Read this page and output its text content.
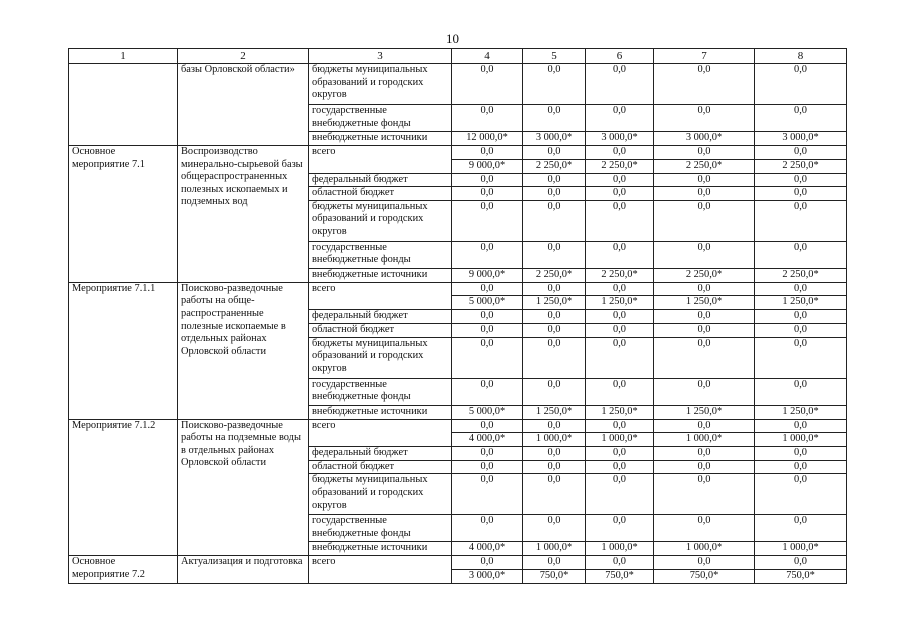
10
1	2	3	4	5	6	7	8
	базы Орловской области»	бюджеты муниципальных образований и городских округов	0,0	0,0	0,0	0,0	0,0
		государственные внебюджетные фонды	0,0	0,0	0,0	0,0	0,0
		внебюджетные источники	12 000,0*	3 000,0*	3 000,0*	3 000,0*	3 000,0*
Основное мероприятие 7.1	Воспроизводство минерально-сырьевой базы общераспространенных полезных ископаемых и подземных вод	всего	0,0	0,0	0,0	0,0	0,0
			9 000,0*	2 250,0*	2 250,0*	2 250,0*	2 250,0*
		федеральный бюджет	0,0	0,0	0,0	0,0	0,0
		областной бюджет	0,0	0,0	0,0	0,0	0,0
		бюджеты муниципальных образований и городских округов	0,0	0,0	0,0	0,0	0,0
		государственные внебюджетные фонды	0,0	0,0	0,0	0,0	0,0
		внебюджетные источники	9 000,0*	2 250,0*	2 250,0*	2 250,0*	2 250,0*
Мероприятие 7.1.1	Поисково-разведочные работы на обще-распространенные полезные ископаемые в отдельных районах Орловской области	всего	0,0	0,0	0,0	0,0	0,0
			5 000,0*	1 250,0*	1 250,0*	1 250,0*	1 250,0*
		федеральный бюджет	0,0	0,0	0,0	0,0	0,0
		областной бюджет	0,0	0,0	0,0	0,0	0,0
		бюджеты муниципальных образований и городских округов	0,0	0,0	0,0	0,0	0,0
		государственные внебюджетные фонды	0,0	0,0	0,0	0,0	0,0
		внебюджетные источники	5 000,0*	1 250,0*	1 250,0*	1 250,0*	1 250,0*
Мероприятие 7.1.2	Поисково-разведочные работы на подземные воды в отдельных районах Орловской области	всего	0,0	0,0	0,0	0,0	0,0
			4 000,0*	1 000,0*	1 000,0*	1 000,0*	1 000,0*
		федеральный бюджет	0,0	0,0	0,0	0,0	0,0
		областной бюджет	0,0	0,0	0,0	0,0	0,0
		бюджеты муниципальных образований и городских округов	0,0	0,0	0,0	0,0	0,0
		государственные внебюджетные фонды	0,0	0,0	0,0	0,0	0,0
		внебюджетные источники	4 000,0*	1 000,0*	1 000,0*	1 000,0*	1 000,0*
Основное мероприятие 7.2	Актуализация и подготовка	всего	0,0	0,0	0,0	0,0	0,0
			3 000,0*	750,0*	750,0*	750,0*	750,0*
